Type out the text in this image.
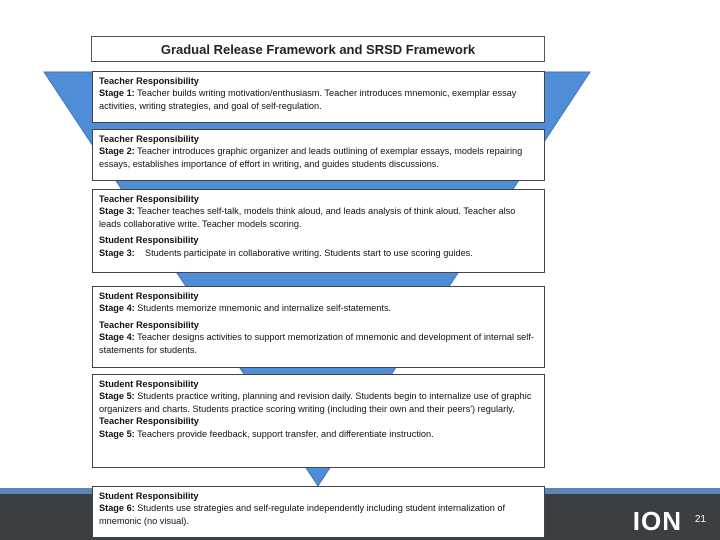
ION 21
Gradual Release Framework and SRSD Framework
Teacher Responsibility
Stage 1: Teacher builds writing motivation/enthusiasm. Teacher introduces mnemonic, exemplar essay activities, writing strategies, and goal of self-regulation.
Teacher Responsibility
Stage 2: Teacher introduces graphic organizer and leads outlining of exemplar essays, models repairing essays, establishes importance of effort in writing, and guides students discussions.
Teacher Responsibility
Stage 3: Teacher teaches self-talk, models think aloud, and leads analysis of think aloud. Teacher also leads collaborative write. Teacher models scoring.
Student Responsibility
Stage 3:    Students participate in collaborative writing. Students start to use scoring guides.
Student Responsibility
Stage 4: Students memorize mnemonic and internalize self-statements.
Teacher Responsibility
Stage 4: Teacher designs activities to support memorization of mnemonic and development of internal self-statements for students.
Student Responsibility
Stage 5: Students practice writing, planning and revision daily. Students begin to internalize use of graphic organizers and charts. Students practice scoring writing (including their own and their peers') regularly.
Teacher Responsibility
Stage 5: Teachers provide feedback, support transfer, and differentiate instruction.
Student Responsibility
Stage 6: Students use strategies and self-regulate independently including student internalization of mnemonic (no visual).
